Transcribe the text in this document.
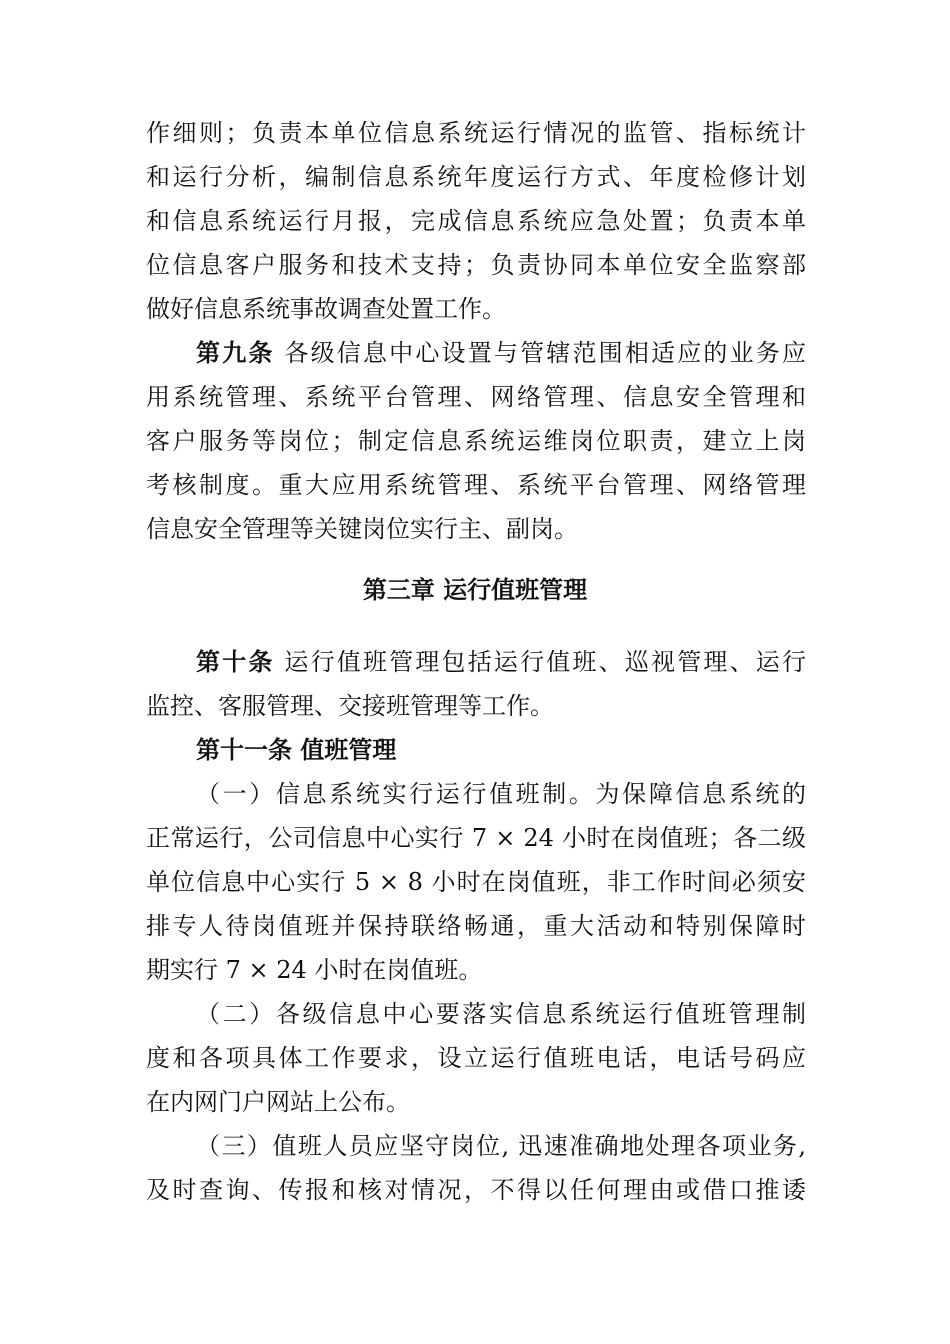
作细则；负责本单位信息系统运行情况的监管、指标统计
和运行分析，编制信息系统年度运行方式、年度检修计划
和信息系统运行月报，完成信息系统应急处置；负责本单
位信息客户服务和技术支持；负责协同本单位安全监察部
做好信息系统事故调查处置工作。
第九条 各级信息中心设置与管辖范围相适应的业务应
用系统管理、系统平台管理、网络管理、信息安全管理和
客户服务等岗位；制定信息系统运维岗位职责，建立上岗
考核制度。重大应用系统管理、系统平台管理、网络管理
信息安全管理等关键岗位实行主、副岗。
第三章 运行值班管理
第十条 运行值班管理包括运行值班、巡视管理、运行
监控、客服管理、交接班管理等工作。
第十一条 值班管理
（一）信息系统实行运行值班制。为保障信息系统的
正常运行，公司信息中心实行 7 × 24 小时在岗值班；各二级
单位信息中心实行 5 × 8 小时在岗值班，非工作时间必须安
排专人待岗值班并保持联络畅通，重大活动和特别保障时
期实行 7 × 24 小时在岗值班。
（二）各级信息中心要落实信息系统运行值班管理制
度和各项具体工作要求，设立运行值班电话，电话号码应
在内网门户网站上公布。
（三）值班人员应坚守岗位, 迅速准确地处理各项业务,
及时查询、传报和核对情况，不得以任何理由或借口推诿
